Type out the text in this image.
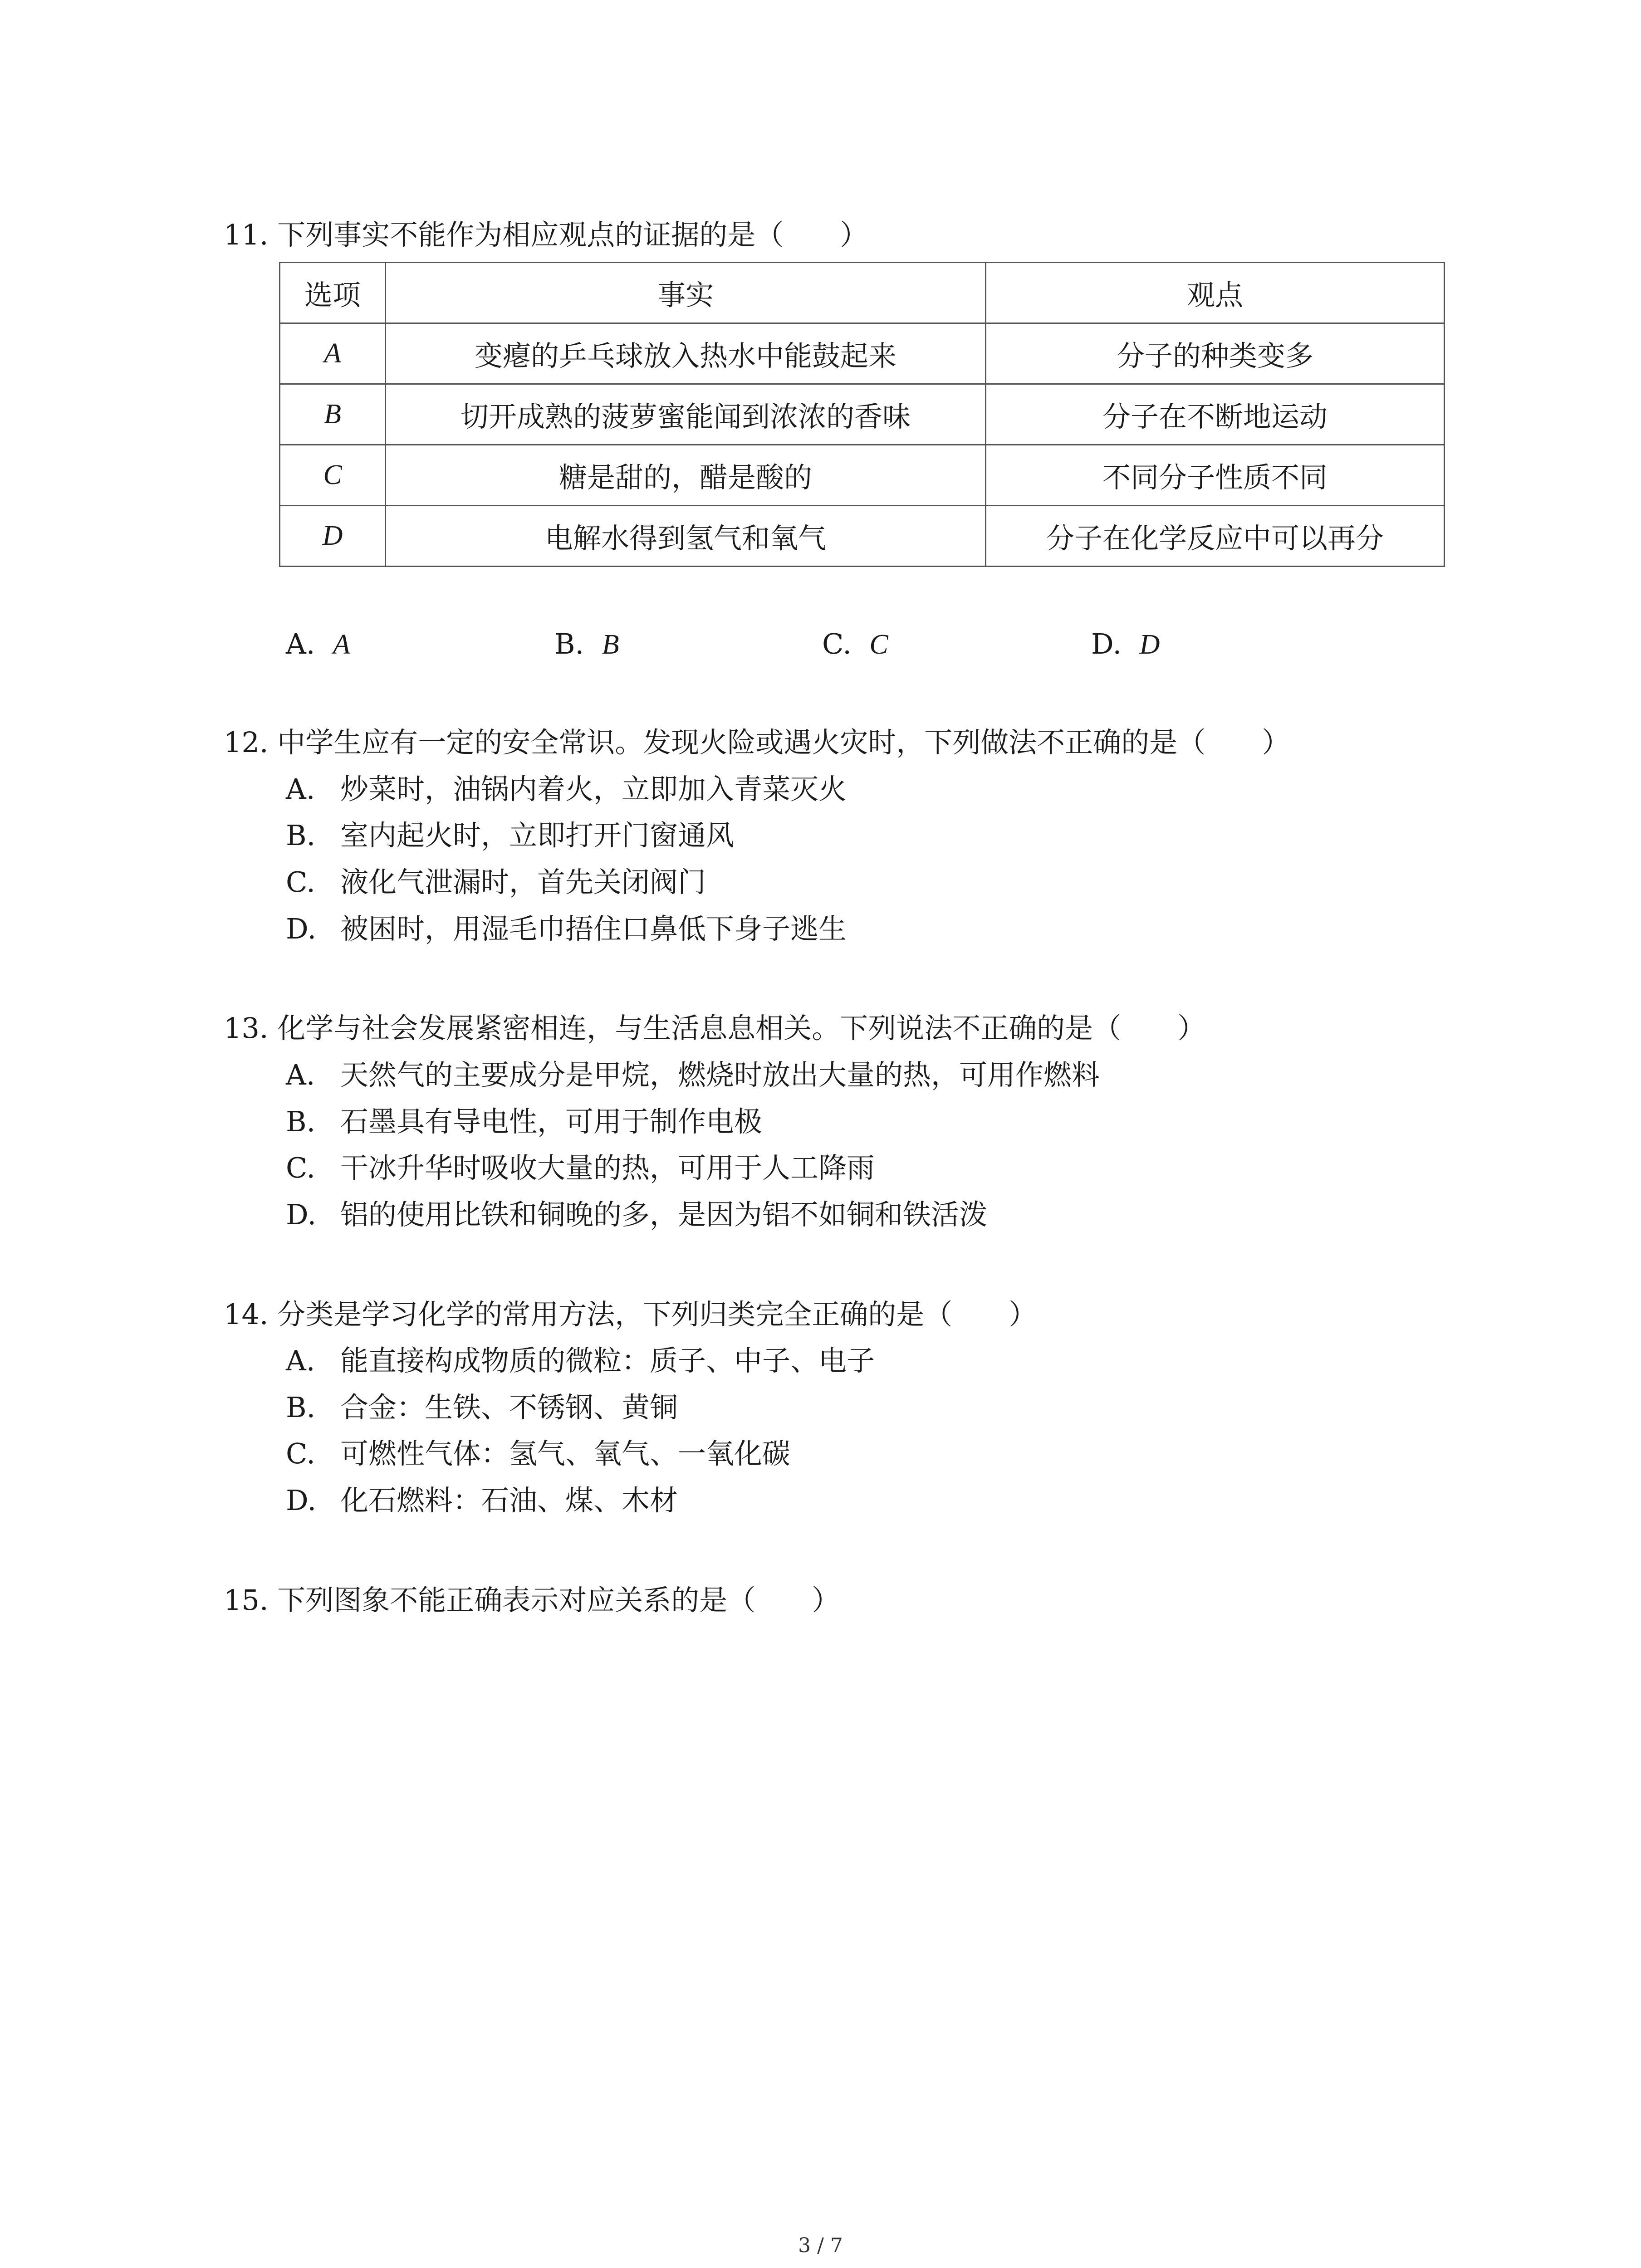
11. 下列事实不能作为相应观点的证据的是（　　）
选项	事实	观点
A	变瘪的乒乓球放入热水中能鼓起来	分子的种类变多
B	切开成熟的菠萝蜜能闻到浓浓的香味	分子在不断地运动
C	糖是甜的，醋是酸的	不同分子性质不同
D	电解水得到氢气和氧气	分子在化学反应中可以再分
A. A	B. B	C. C	D. D
12. 中学生应有一定的安全常识。发现火险或遇火灾时，下列做法不正确的是（　　）
A. 炒菜时，油锅内着火，立即加入青菜灭火
B. 室内起火时，立即打开门窗通风
C. 液化气泄漏时，首先关闭阀门
D. 被困时，用湿毛巾捂住口鼻低下身子逃生
13. 化学与社会发展紧密相连，与生活息息相关。下列说法不正确的是（　　）
A. 天然气的主要成分是甲烷，燃烧时放出大量的热，可用作燃料
B. 石墨具有导电性，可用于制作电极
C. 干冰升华时吸收大量的热，可用于人工降雨
D. 铝的使用比铁和铜晚的多，是因为铝不如铜和铁活泼
14. 分类是学习化学的常用方法，下列归类完全正确的是（　　）
A. 能直接构成物质的微粒：质子、中子、电子
B. 合金：生铁、不锈钢、黄铜
C. 可燃性气体：氢气、氧气、一氧化碳
D. 化石燃料：石油、煤、木材
15. 下列图象不能正确表示对应关系的是（　　）
3 / 7
